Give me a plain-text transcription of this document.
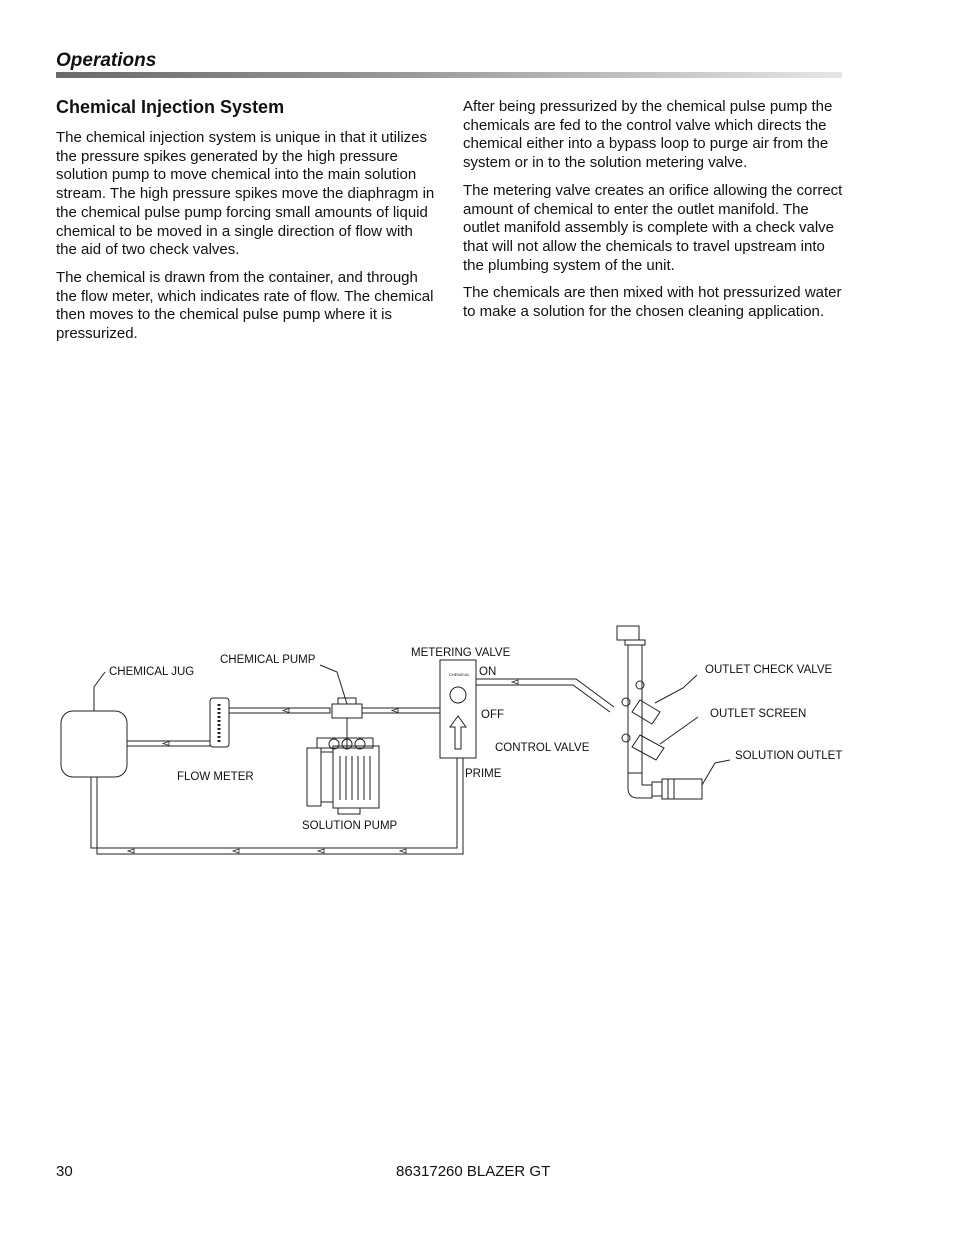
Operations
Chemical Injection System

The chemical injection system is unique in that it utilizes the pressure spikes generated by the high pressure solution pump to move chemical into the main solution stream. The high pressure spikes move the diaphragm in the chemical pulse pump forcing small amounts of liquid chemical to be moved in a single direction of flow with the aid of two check valves.

The chemical is drawn from the container, and through the flow meter, which indicates rate of flow. The chemical then moves to the chemical pulse pump where it is pressurized.

After being pressurized by the chemical pulse pump the chemicals are fed to the control valve which directs the chemical either into a bypass loop to purge air from the system or in to the solution metering valve.

The metering valve creates an orifice allowing the correct amount of chemical to enter the outlet manifold. The outlet manifold assembly is complete with a check valve that will not allow the chemicals to travel upstream into the plumbing system of the unit.

The chemicals are then mixed with hot pressurized water to make a solution for the chosen cleaning application.

CHEMICAL
CHEMICAL JUG
CHEMICAL PUMP
METERING VALVE
ON
OFF
CONTROL VALVE
PRIME
FLOW METER
SOLUTION PUMP
OUTLET CHECK VALVE
OUTLET SCREEN
SOLUTION OUTLET
30	86317260 BLAZER GT
